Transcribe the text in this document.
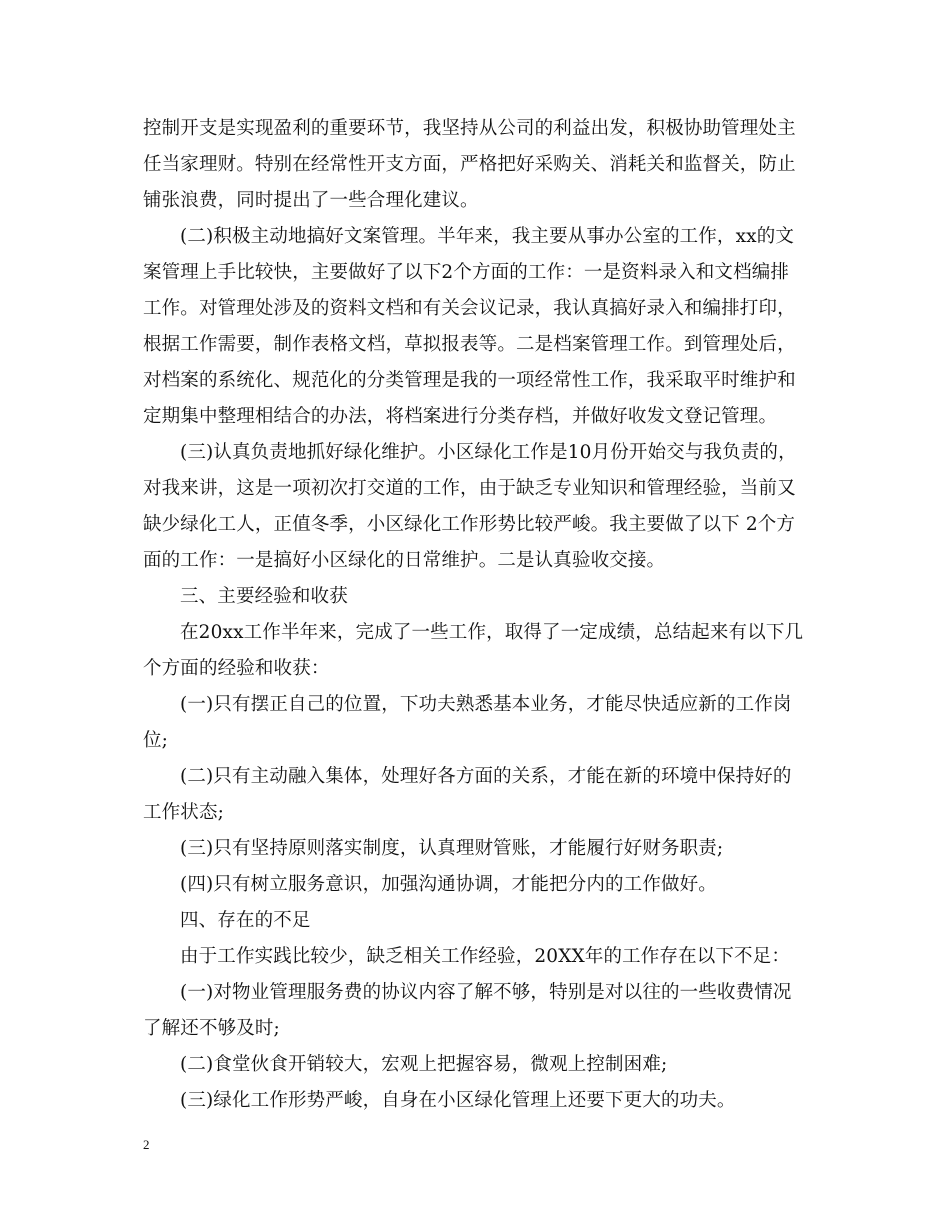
控制开支是实现盈利的重要环节，我坚持从公司的利益出发，积极协助管理处主
任当家理财。特别在经常性开支方面，严格把好采购关、消耗关和监督关，防止
铺张浪费，同时提出了一些合理化建议。
(二)积极主动地搞好文案管理。半年来，我主要从事办公室的工作，xx的文
案管理上手比较快，主要做好了以下2个方面的工作：一是资料录入和文档编排
工作。对管理处涉及的资料文档和有关会议记录，我认真搞好录入和编排打印，
根据工作需要，制作表格文档，草拟报表等。二是档案管理工作。到管理处后，
对档案的系统化、规范化的分类管理是我的一项经常性工作，我采取平时维护和
定期集中整理相结合的办法，将档案进行分类存档，并做好收发文登记管理。
(三)认真负责地抓好绿化维护。小区绿化工作是10月份开始交与我负责的，
对我来讲，这是一项初次打交道的工作，由于缺乏专业知识和管理经验，当前又
缺少绿化工人，正值冬季，小区绿化工作形势比较严峻。我主要做了以下 2个方
面的工作：一是搞好小区绿化的日常维护。二是认真验收交接。
三、主要经验和收获
在20xx工作半年来，完成了一些工作，取得了一定成绩，总结起来有以下几
个方面的经验和收获：
(一)只有摆正自己的位置，下功夫熟悉基本业务，才能尽快适应新的工作岗
位;
(二)只有主动融入集体，处理好各方面的关系，才能在新的环境中保持好的
工作状态;
(三)只有坚持原则落实制度，认真理财管账，才能履行好财务职责;
(四)只有树立服务意识，加强沟通协调，才能把分内的工作做好。
四、存在的不足
由于工作实践比较少，缺乏相关工作经验，20XX年的工作存在以下不足：
(一)对物业管理服务费的协议内容了解不够，特别是对以往的一些收费情况
了解还不够及时;
(二)食堂伙食开销较大，宏观上把握容易，微观上控制困难;
(三)绿化工作形势严峻，自身在小区绿化管理上还要下更大的功夫。
2
